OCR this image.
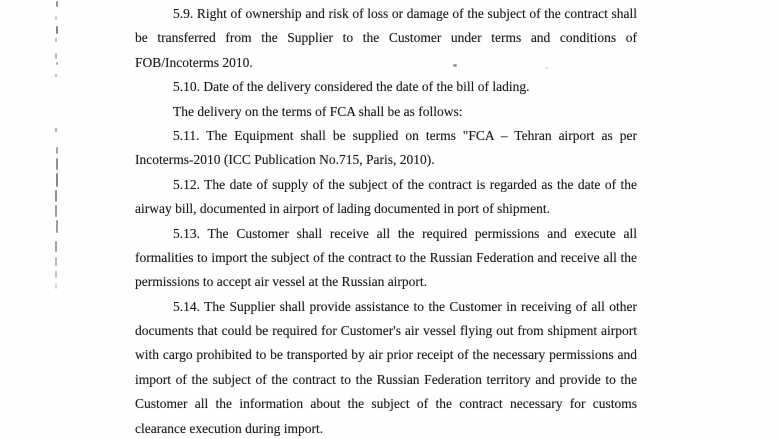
5.9. Right of ownership and risk of loss or damage of the subject of the contract shall
be transferred from the Supplier to the Customer under terms and conditions of
FOB/Incoterms 2010.
5.10. Date of the delivery considered the date of the bill of lading.
The delivery on the terms of FCA shall be as follows:
5.11. The Equipment shall be supplied on terms "FCA – Tehran airport as per
Incoterms-2010 (ICC Publication No.715, Paris, 2010).
5.12. The date of supply of the subject of the contract is regarded as the date of the
airway bill, documented in airport of lading documented in port of shipment.
5.13. The Customer shall receive all the required permissions and execute all
formalities to import the subject of the contract to the Russian Federation and receive all the
permissions to accept air vessel at the Russian airport.
5.14. The Supplier shall provide assistance to the Customer in receiving of all other
documents that could be required for Customer's air vessel flying out from shipment airport
with cargo prohibited to be transported by air prior receipt of the necessary permissions and
import of the subject of the contract to the Russian Federation territory and provide to the
Customer all the information about the subject of the contract necessary for customs
clearance execution during import.
